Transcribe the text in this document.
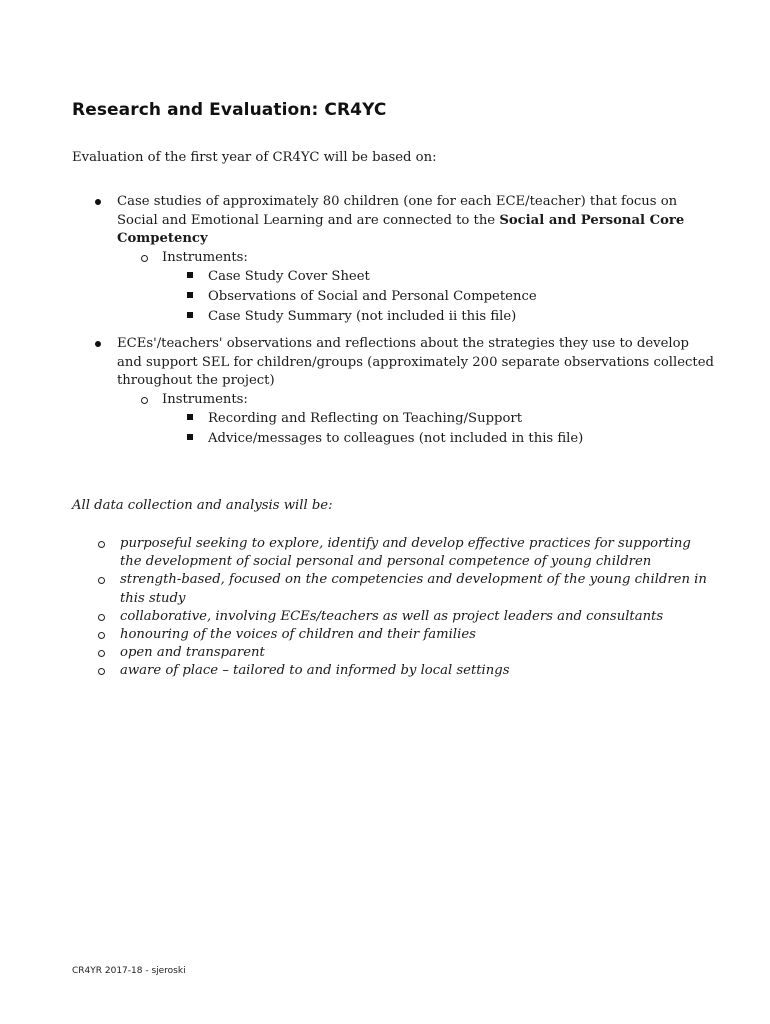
Research and Evaluation: CR4YC
Evaluation of the first year of CR4YC will be based on:
Case studies of approximately 80 children (one for each ECE/teacher) that focus on Social and Emotional Learning and are connected to the Social and Personal Core Competency
Instruments:
Case Study Cover Sheet
Observations of Social and Personal Competence
Case Study Summary (not included ii this file)
ECEs'/teachers' observations and reflections about the strategies they use to develop and support SEL for children/groups (approximately 200 separate observations collected throughout the project)
Instruments:
Recording and Reflecting on Teaching/Support
Advice/messages to colleagues (not included in this file)
All data collection and analysis will be:
purposeful seeking to explore, identify and develop effective practices for supporting the development of social personal and personal competence of young children
strength-based, focused on the competencies and development of the young children in this study
collaborative, involving ECEs/teachers as well as project leaders and consultants
honouring of the voices of children and their families
open and transparent
aware of place – tailored to and informed by local settings
CR4YR 2017-18 - sjeroski
